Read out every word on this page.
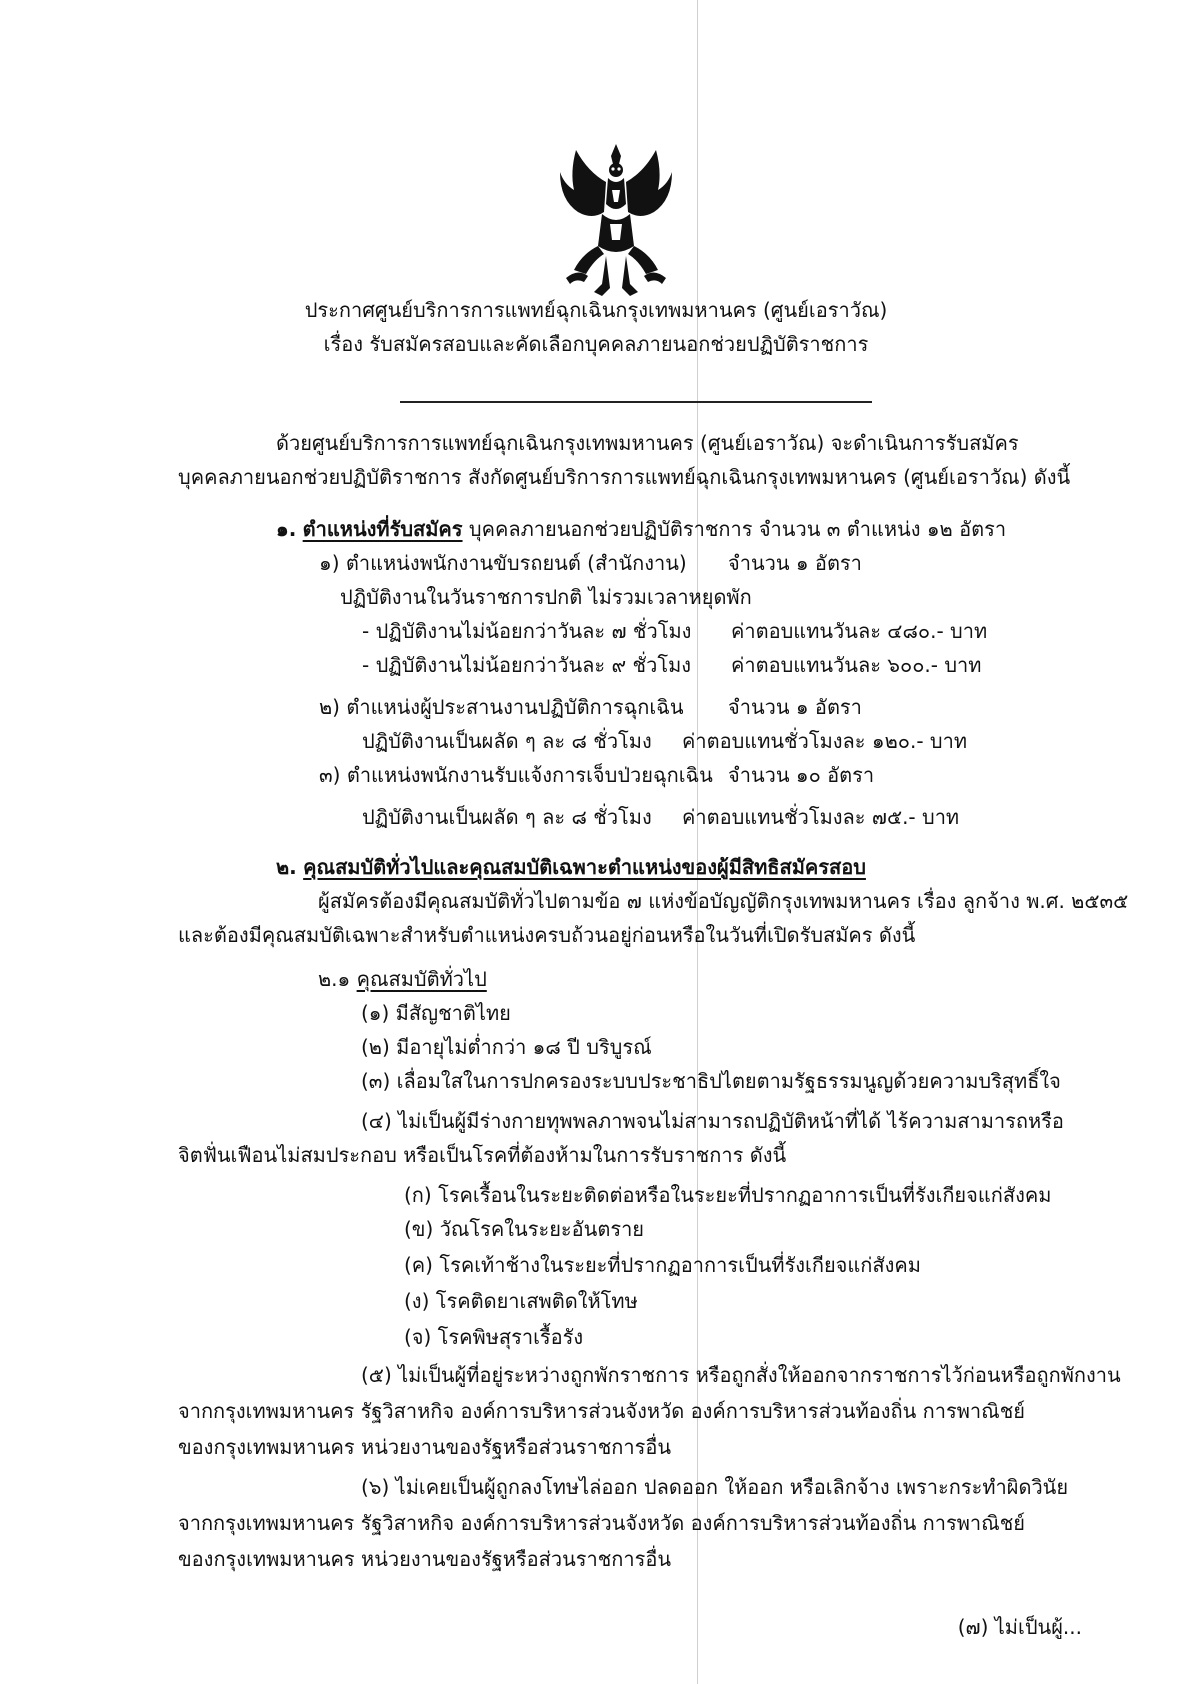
ประกาศศูนย์บริการการแพทย์ฉุกเฉินกรุงเทพมหานคร (ศูนย์เอราวัณ)
เรื่อง รับสมัครสอบและคัดเลือกบุคคลภายนอกช่วยปฏิบัติราชการ
ด้วยศูนย์บริการการแพทย์ฉุกเฉินกรุงเทพมหานคร (ศูนย์เอราวัณ) จะดำเนินการรับสมัคร
บุคคลภายนอกช่วยปฏิบัติราชการ สังกัดศูนย์บริการการแพทย์ฉุกเฉินกรุงเทพมหานคร (ศูนย์เอราวัณ) ดังนี้
๑. ตำแหน่งที่รับสมัคร บุคคลภายนอกช่วยปฏิบัติราชการ จำนวน ๓ ตำแหน่ง ๑๒ อัตรา
๑) ตำแหน่งพนักงานขับรถยนต์ (สำนักงาน) จำนวน ๑ อัตรา
ปฏิบัติงานในวันราชการปกติ ไม่รวมเวลาหยุดพัก
- ปฏิบัติงานไม่น้อยกว่าวันละ ๗ ชั่วโมง ค่าตอบแทนวันละ ๔๘๐.- บาท
- ปฏิบัติงานไม่น้อยกว่าวันละ ๙ ชั่วโมง ค่าตอบแทนวันละ ๖๐๐.- บาท
๒) ตำแหน่งผู้ประสานงานปฏิบัติการฉุกเฉิน จำนวน ๑ อัตรา
ปฏิบัติงานเป็นผลัด ๆ ละ ๘ ชั่วโมง ค่าตอบแทนชั่วโมงละ ๑๒๐.- บาท
๓) ตำแหน่งพนักงานรับแจ้งการเจ็บป่วยฉุกเฉิน จำนวน ๑๐ อัตรา
ปฏิบัติงานเป็นผลัด ๆ ละ ๘ ชั่วโมง ค่าตอบแทนชั่วโมงละ ๗๕.- บาท
๒. คุณสมบัติทั่วไปและคุณสมบัติเฉพาะตำแหน่งของผู้มีสิทธิสมัครสอบ
ผู้สมัครต้องมีคุณสมบัติทั่วไปตามข้อ ๗ แห่งข้อบัญญัติกรุงเทพมหานคร เรื่อง ลูกจ้าง พ.ศ. ๒๕๓๕
และต้องมีคุณสมบัติเฉพาะสำหรับตำแหน่งครบถ้วนอยู่ก่อนหรือในวันที่เปิดรับสมัคร ดังนี้
๒.๑ คุณสมบัติทั่วไป
(๑) มีสัญชาติไทย
(๒) มีอายุไม่ต่ำกว่า ๑๘ ปี บริบูรณ์
(๓) เลื่อมใสในการปกครองระบบประชาธิปไตยตามรัฐธรรมนูญด้วยความบริสุทธิ์ใจ
(๔) ไม่เป็นผู้มีร่างกายทุพพลภาพจนไม่สามารถปฏิบัติหน้าที่ได้ ไร้ความสามารถหรือ
จิตฟั่นเฟือนไม่สมประกอบ หรือเป็นโรคที่ต้องห้ามในการรับราชการ ดังนี้
(ก) โรคเรื้อนในระยะติดต่อหรือในระยะที่ปรากฏอาการเป็นที่รังเกียจแก่สังคม
(ข) วัณโรคในระยะอันตราย
(ค) โรคเท้าช้างในระยะที่ปรากฏอาการเป็นที่รังเกียจแก่สังคม
(ง) โรคติดยาเสพติดให้โทษ
(จ) โรคพิษสุราเรื้อรัง
(๕) ไม่เป็นผู้ที่อยู่ระหว่างถูกพักราชการ หรือถูกสั่งให้ออกจากราชการไว้ก่อนหรือถูกพักงาน
จากกรุงเทพมหานคร รัฐวิสาหกิจ องค์การบริหารส่วนจังหวัด องค์การบริหารส่วนท้องถิ่น การพาณิชย์
ของกรุงเทพมหานคร หน่วยงานของรัฐหรือส่วนราชการอื่น
(๖) ไม่เคยเป็นผู้ถูกลงโทษไล่ออก ปลดออก ให้ออก หรือเลิกจ้าง เพราะกระทำผิดวินัย
จากกรุงเทพมหานคร รัฐวิสาหกิจ องค์การบริหารส่วนจังหวัด องค์การบริหารส่วนท้องถิ่น การพาณิชย์
ของกรุงเทพมหานคร หน่วยงานของรัฐหรือส่วนราชการอื่น
(๗) ไม่เป็นผู้...
